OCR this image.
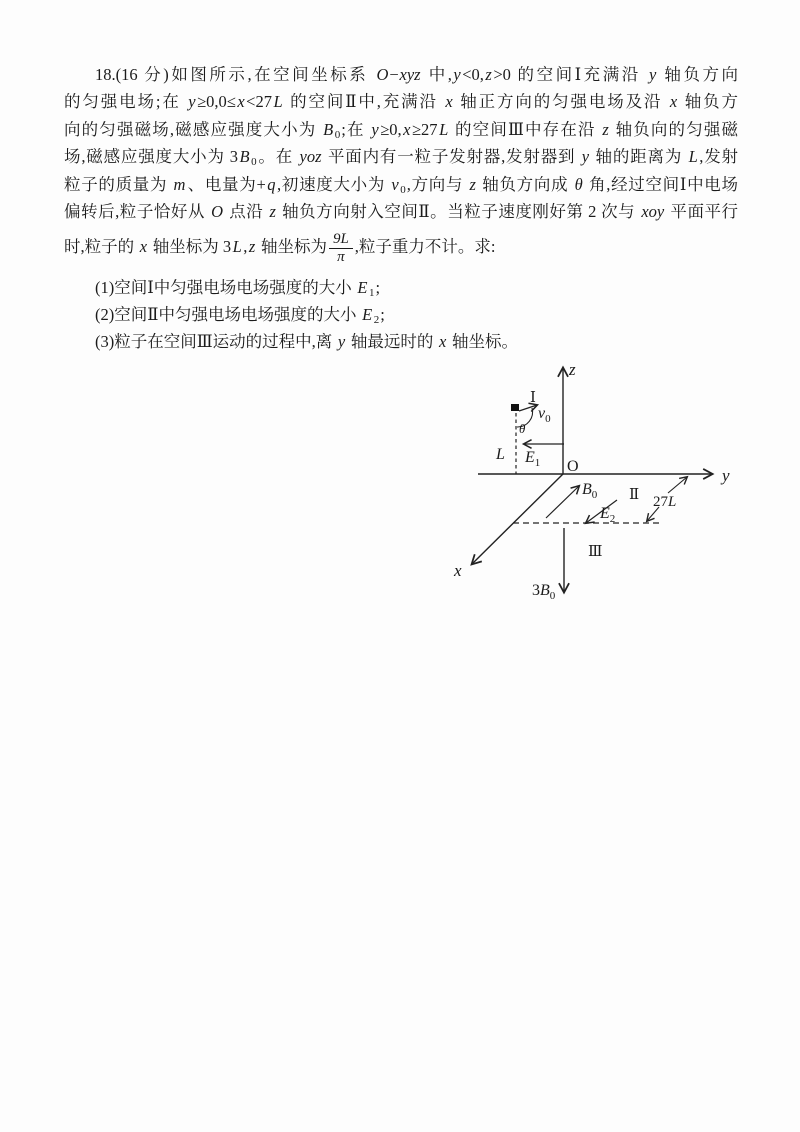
18.(16 分)如图所示,在空间坐标系 O−xyz 中,y<0,z>0 的空间Ⅰ充满沿 y 轴负方向
的匀强电场;在 y≥0,0≤x<27L 的空间Ⅱ中,充满沿 x 轴正方向的匀强电场及沿 x 轴负方
向的匀强磁场,磁感应强度大小为 B 0;在 y≥0,x≥27L 的空间Ⅲ中存在沿 z 轴负向的匀强磁
场,磁感应强度大小为 3B 0。在 yoz 平面内有一粒子发射器,发射器到 y 轴的距离为 L,发射
粒子的质量为 m、电量为+q,初速度大小为 v 0,方向与 z 轴负方向成 θ 角,经过空间Ⅰ中电场
偏转后,粒子恰好从 O 点沿 z 轴负方向射入空间Ⅱ。当粒子速度刚好第 2 次与 xoy 平面平行
时,粒子的 x 轴坐标为 3L,z 轴坐标为 $\frac{9L}{\pi}$ ,粒子重力不计。求:
(1)空间Ⅰ中匀强电场电场强度的大小 E 1;
(2)空间Ⅱ中匀强电场电场强度的大小 E 2;
(3)粒子在空间Ⅲ运动的过程中,离 y 轴最远时的 x 轴坐标。
z
y
x
O
Ⅰ
Ⅱ
Ⅲ
L
$v_0$
θ
$E_1$
$B_0$
$E_2$
27L
$3B_0$
